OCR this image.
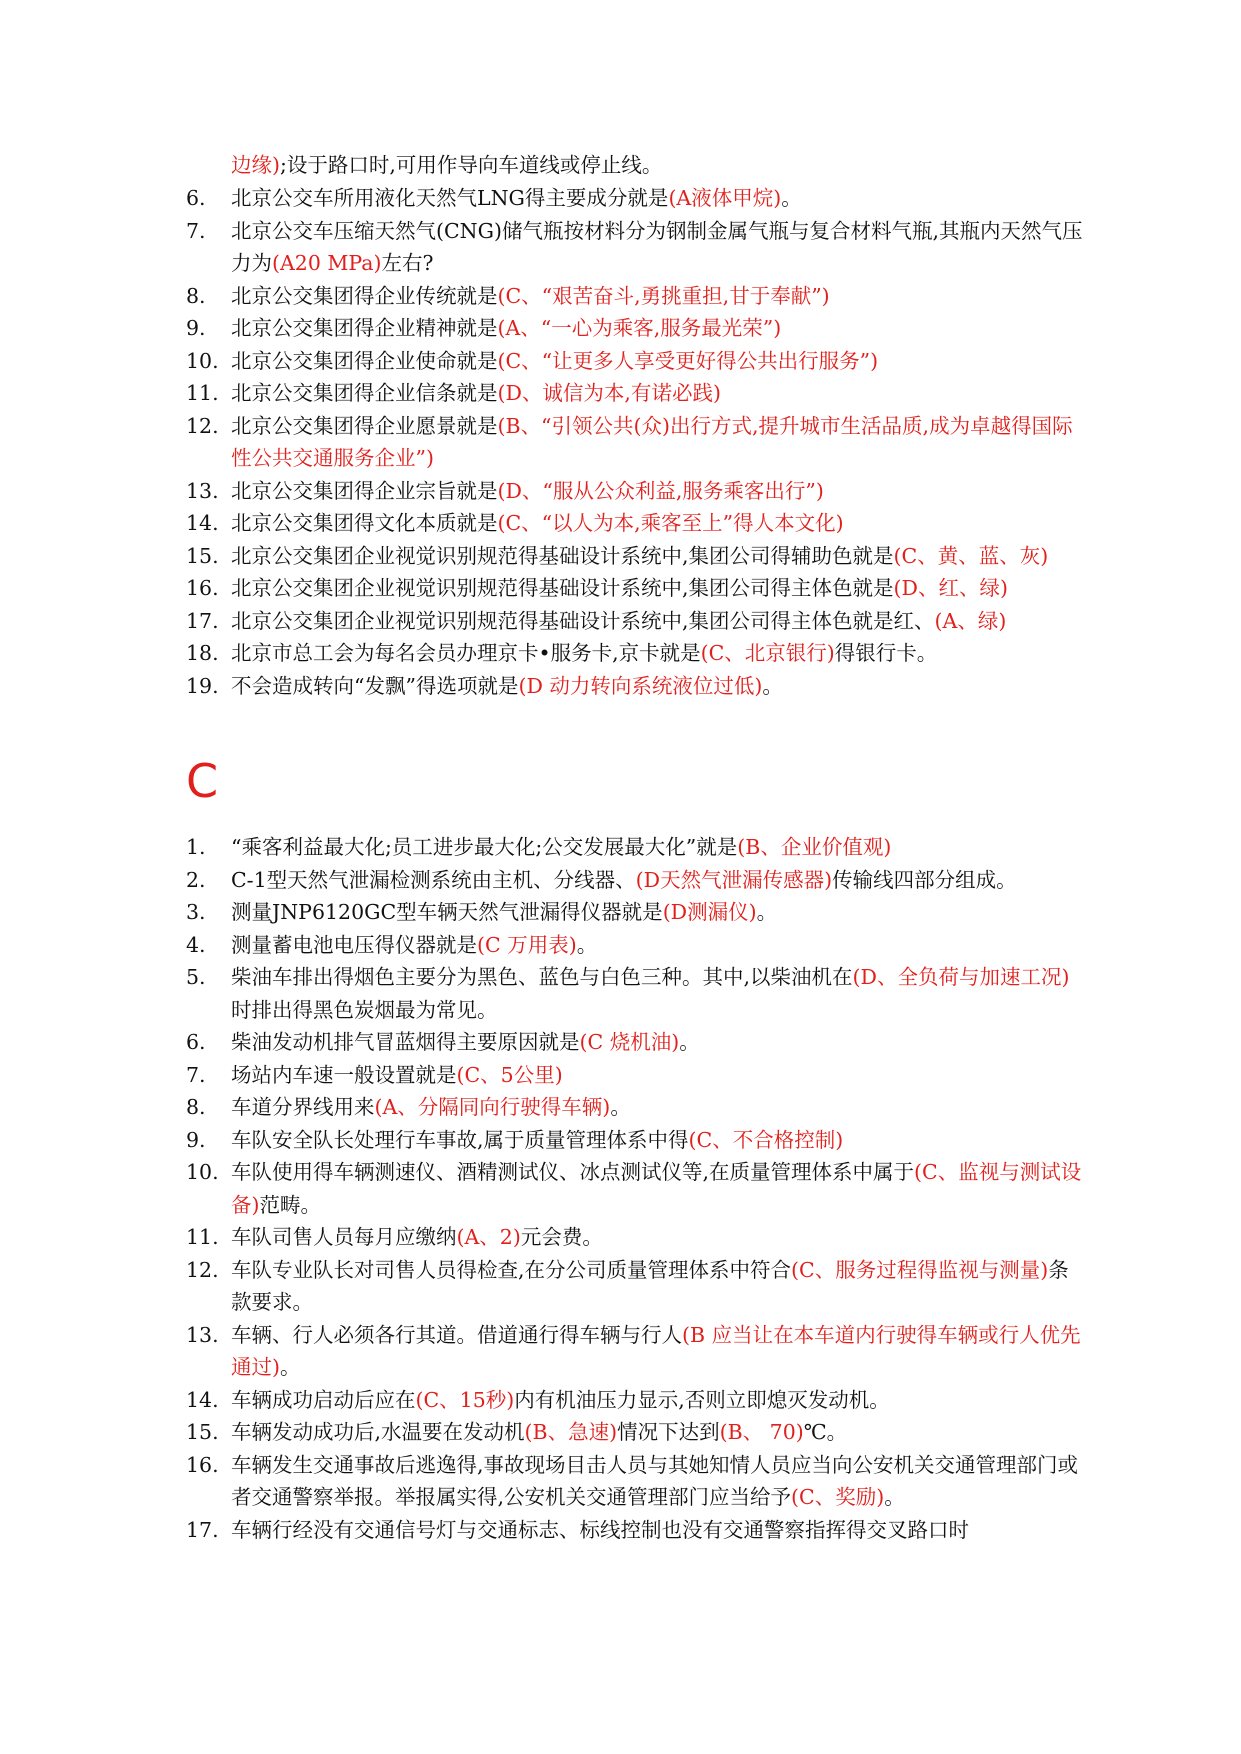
边缘);设于路口时,可用作导向车道线或停止线。
6. 北京公交车所用液化天然气LNG得主要成分就是(A液体甲烷)。
7. 北京公交车压缩天然气(CNG)储气瓶按材料分为钢制金属气瓶与复合材料气瓶,其瓶内天然气压力为(A20 MPa)左右?
8. 北京公交集团得企业传统就是(C、“艰苦奋斗,勇挑重担,甘于奉献”)
9. 北京公交集团得企业精神就是(A、“一心为乘客,服务最光荣”)
10. 北京公交集团得企业使命就是(C、“让更多人享受更好得公共出行服务”)
11. 北京公交集团得企业信条就是(D、诚信为本,有诺必践)
12. 北京公交集团得企业愿景就是(B、“引领公共(众)出行方式,提升城市生活品质,成为卓越得国际性公共交通服务企业”)
13. 北京公交集团得企业宗旨就是(D、“服从公众利益,服务乘客出行”)
14. 北京公交集团得文化本质就是(C、“以人为本,乘客至上”得人本文化)
15. 北京公交集团企业视觉识别规范得基础设计系统中,集团公司得辅助色就是(C、黄、蓝、灰)
16. 北京公交集团企业视觉识别规范得基础设计系统中,集团公司得主体色就是(D、红、绿)
17. 北京公交集团企业视觉识别规范得基础设计系统中,集团公司得主体色就是红、(A、绿)
18. 北京市总工会为每名会员办理京卡•服务卡,京卡就是(C、北京银行)得银行卡。
19. 不会造成转向“发飘”得选项就是(D 动力转向系统液位过低)。
C
1. “乘客利益最大化;员工进步最大化;公交发展最大化”就是(B、企业价值观)
2. C-1型天然气泄漏检测系统由主机、分线器、(D天然气泄漏传感器)传输线四部分组成。
3. 测量JNP6120GC型车辆天然气泄漏得仪器就是(D测漏仪)。
4. 测量蓄电池电压得仪器就是(C 万用表)。
5. 柴油车排出得烟色主要分为黑色、蓝色与白色三种。其中,以柴油机在(D、全负荷与加速工况)时排出得黑色炭烟最为常见。
6. 柴油发动机排气冒蓝烟得主要原因就是(C 烧机油)。
7. 场站内车速一般设置就是(C、5公里)
8. 车道分界线用来(A、分隔同向行驶得车辆)。
9. 车队安全队长处理行车事故,属于质量管理体系中得(C、不合格控制)
10. 车队使用得车辆测速仪、酒精测试仪、冰点测试仪等,在质量管理体系中属于(C、监视与测试设备)范畴。
11. 车队司售人员每月应缴纳(A、2)元会费。
12. 车队专业队长对司售人员得检查,在分公司质量管理体系中符合(C、服务过程得监视与测量)条款要求。
13. 车辆、行人必须各行其道。借道通行得车辆与行人(B 应当让在本车道内行驶得车辆或行人优先通过)。
14. 车辆成功启动后应在(C、15秒)内有机油压力显示,否则立即熄灭发动机。
15. 车辆发动成功后,水温要在发动机(B、急速)情况下达到(B、 70)℃。
16. 车辆发生交通事故后逃逸得,事故现场目击人员与其她知情人员应当向公安机关交通管理部门或者交通警察举报。举报属实得,公安机关交通管理部门应当给予(C、奖励)。
17. 车辆行经没有交通信号灯与交通标志、标线控制也没有交通警察指挥得交叉路口时
